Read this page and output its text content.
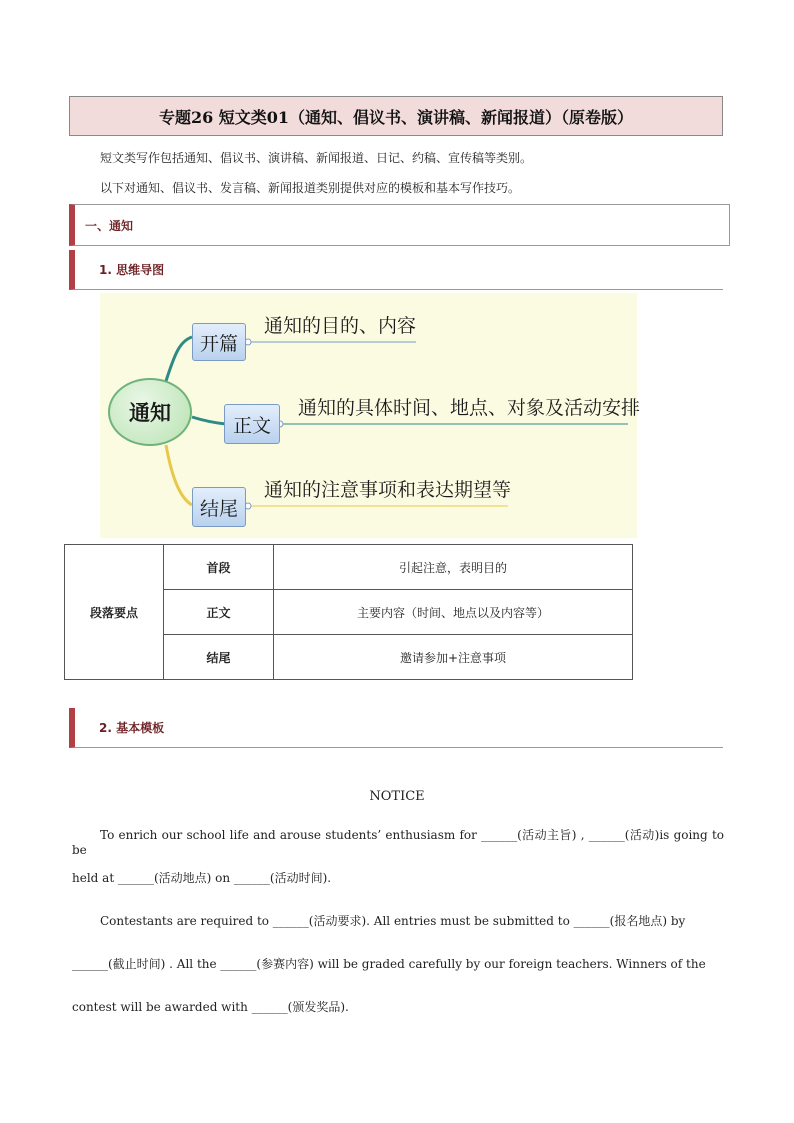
专题26 短文类01（通知、倡议书、演讲稿、新闻报道）（原卷版）
短文类写作包括通知、倡议书、演讲稿、新闻报道、日记、约稿、宣传稿等类别。
以下对通知、倡议书、发言稿、新闻报道类别提供对应的模板和基本写作技巧。
一、通知
1. 思维导图
通知
开篇
通知的目的、内容
正文
通知的具体时间、地点、对象及活动安排
结尾
通知的注意事项和表达期望等
段落要点	首段	引起注意，表明目的
	正文	主要内容（时间、地点以及内容等）
	结尾	邀请参加+注意事项
2. 基本模板
NOTICE
To enrich our school life and arouse students’ enthusiasm for ______(活动主旨) , ______(活动)is going to be
held at ______(活动地点) on ______(活动时间).
Contestants are required to ______(活动要求). All entries must be submitted to ______(报名地点) by
______(截止时间) . All the ______(参赛内容) will be graded carefully by our foreign teachers. Winners of the
contest will be awarded with ______(颁发奖品).
